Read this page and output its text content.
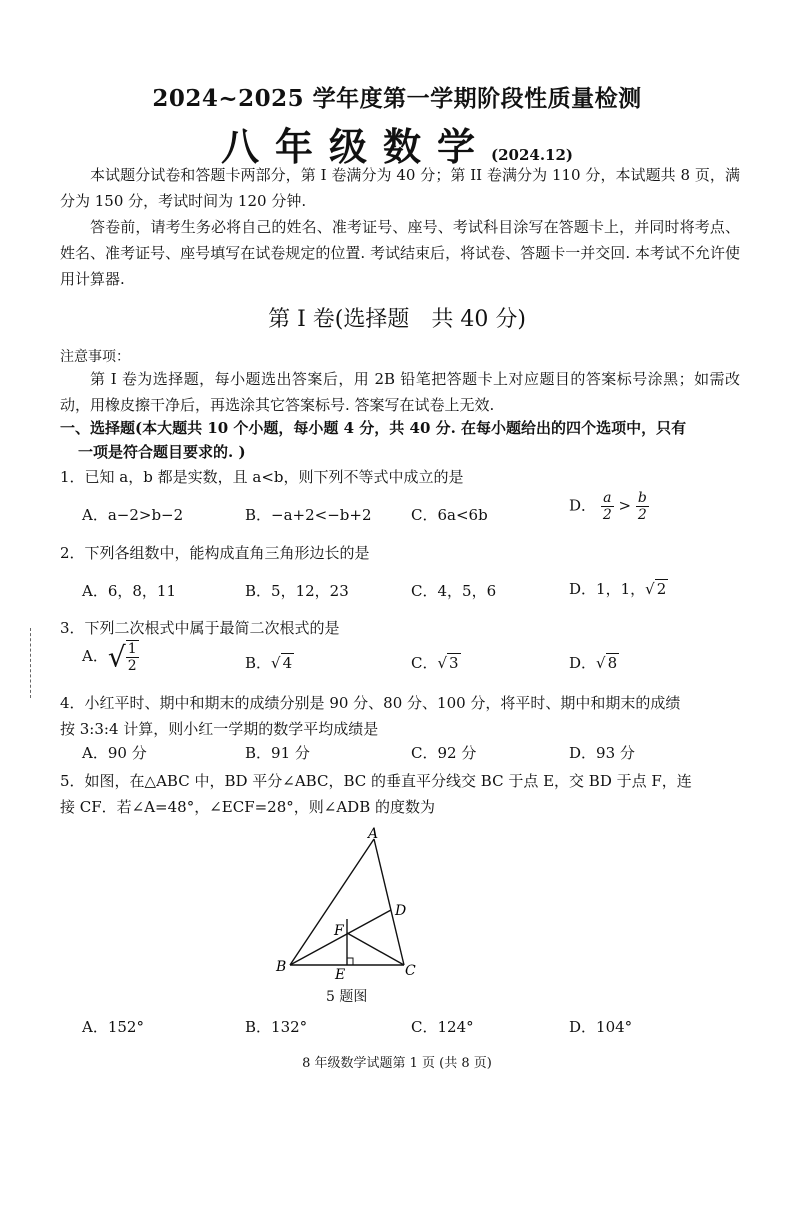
2024~2025 学年度第一学期阶段性质量检测
八年级数学(2024.12)
本试题分试卷和答题卡两部分，第 I 卷满分为 40 分；第 II 卷满分为 110 分，本试题共 8 页，满分为 150 分，考试时间为 120 分钟.
答卷前，请考生务必将自己的姓名、准考证号、座号、考试科目涂写在答题卡上，并同时将考点、姓名、准考证号、座号填写在试卷规定的位置. 考试结束后，将试卷、答题卡一并交回. 本考试不允许使用计算器.
第 I 卷(选择题　共 40 分)
注意事项：
第 I 卷为选择题，每小题选出答案后，用 2B 铅笔把答题卡上对应题目的答案标号涂黑；如需改动，用橡皮擦干净后，再选涂其它答案标号. 答案写在试卷上无效.
一、选择题(本大题共 10 个小题，每小题 4 分，共 40 分. 在每小题给出的四个选项中，只有
一项是符合题目要求的. )
1．已知 a，b 都是实数，且 a<b，则下列不等式中成立的是
A．a−2>b−2	B．−a+2<−b+2	C．6a<6b
D． $\frac{a}{2} > \frac{b}{2}$
2．下列各组数中，能构成直角三角形边长的是
A．6，8，11	B．5，12，23	C．4，5，6	D．1，1，√ 2
3．下列二次根式中属于最简二次根式的是
A．√ $\frac{1}{2}$	B．√ 4	C．√ 3	D．√ 8
4．小红平时、期中和期末的成绩分别是 90 分、80 分、100 分，将平时、期中和期末的成绩
按 3:3:4 计算，则小红一学期的数学平均成绩是
A．90 分	B．91 分	C．92 分	D．93 分
5．如图，在△ABC 中，BD 平分∠ABC，BC 的垂直平分线交 BC 于点 E，交 BD 于点 F，连
接 CF．若∠A=48°，∠ECF=28°，则∠ADB 的度数为
A
B	C
D
E
F
5 题图
A．152°	B．132°	C．124°	D．104°
8 年级数学试题第 1 页 (共 8 页)
